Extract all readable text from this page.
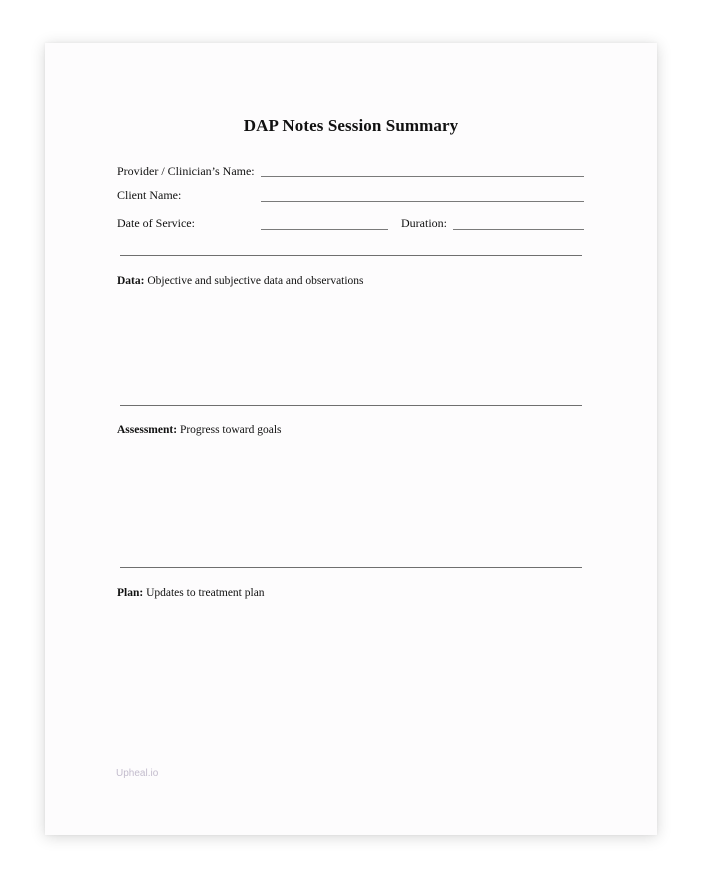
DAP Notes Session Summary
Provider / Clinician’s Name:
Client Name:
Date of Service:	Duration:
Data: Objective and subjective data and observations
Assessment: Progress toward goals
Plan: Updates to treatment plan
Upheal.io
